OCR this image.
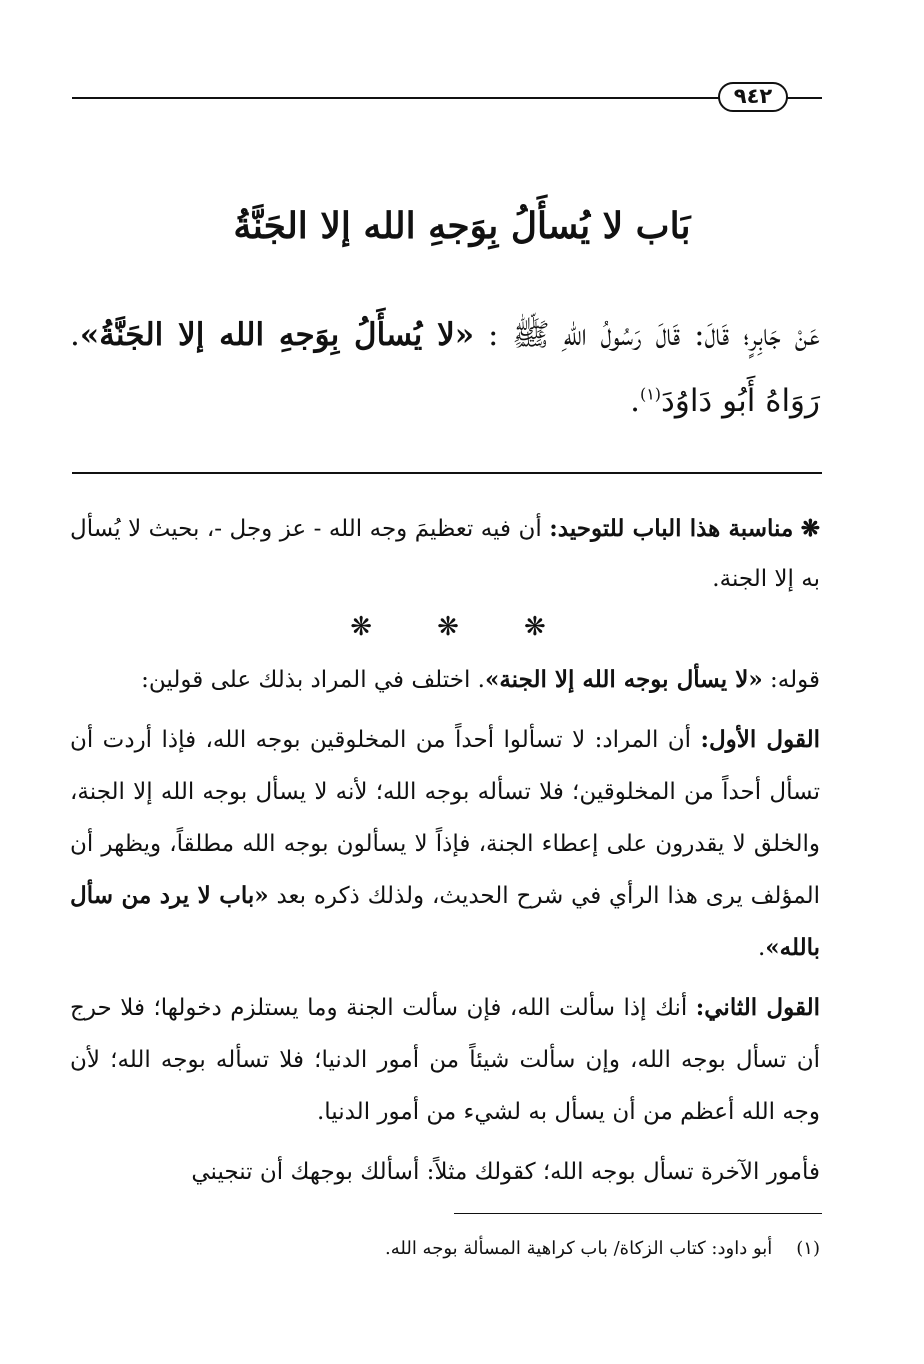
٩٤٢
بَاب لا يُسأَلُ بِوَجهِ الله إلا الجَنَّةُ
عَنْ جَابِرٍ؛ قَالَ: قَالَ رَسُولُ اللهِ ﷺ : «لا يُسأَلُ بِوَجهِ الله إلا الجَنَّةُ». رَوَاهُ أَبُو دَاوُدَ$^{(١)}$.
❋ مناسبة هذا الباب للتوحيد: أن فيه تعظيمَ وجه الله - عز وجل -، بحيث لا يُسأل به إلا الجنة.
❋ ❋ ❋

قوله: «لا يسأل بوجه الله إلا الجنة». اختلف في المراد بذلك على قولين:

القول الأول: أن المراد: لا تسألوا أحداً من المخلوقين بوجه الله، فإذا أردت أن تسأل أحداً من المخلوقين؛ فلا تسأله بوجه الله؛ لأنه لا يسأل بوجه الله إلا الجنة، والخلق لا يقدرون على إعطاء الجنة، فإذاً لا يسألون بوجه الله مطلقاً، ويظهر أن المؤلف يرى هذا الرأي في شرح الحديث، ولذلك ذكره بعد «باب لا يرد من سأل بالله».

القول الثاني: أنك إذا سألت الله، فإن سألت الجنة وما يستلزم دخولها؛ فلا حرج أن تسأل بوجه الله، وإن سألت شيئاً من أمور الدنيا؛ فلا تسأله بوجه الله؛ لأن وجه الله أعظم من أن يسأل به لشيء من أمور الدنيا.

فأمور الآخرة تسأل بوجه الله؛ كقولك مثلاً: أسألك بوجهك أن تنجيني

(١)أبو داود: كتاب الزكاة/ باب كراهية المسألة بوجه الله.
